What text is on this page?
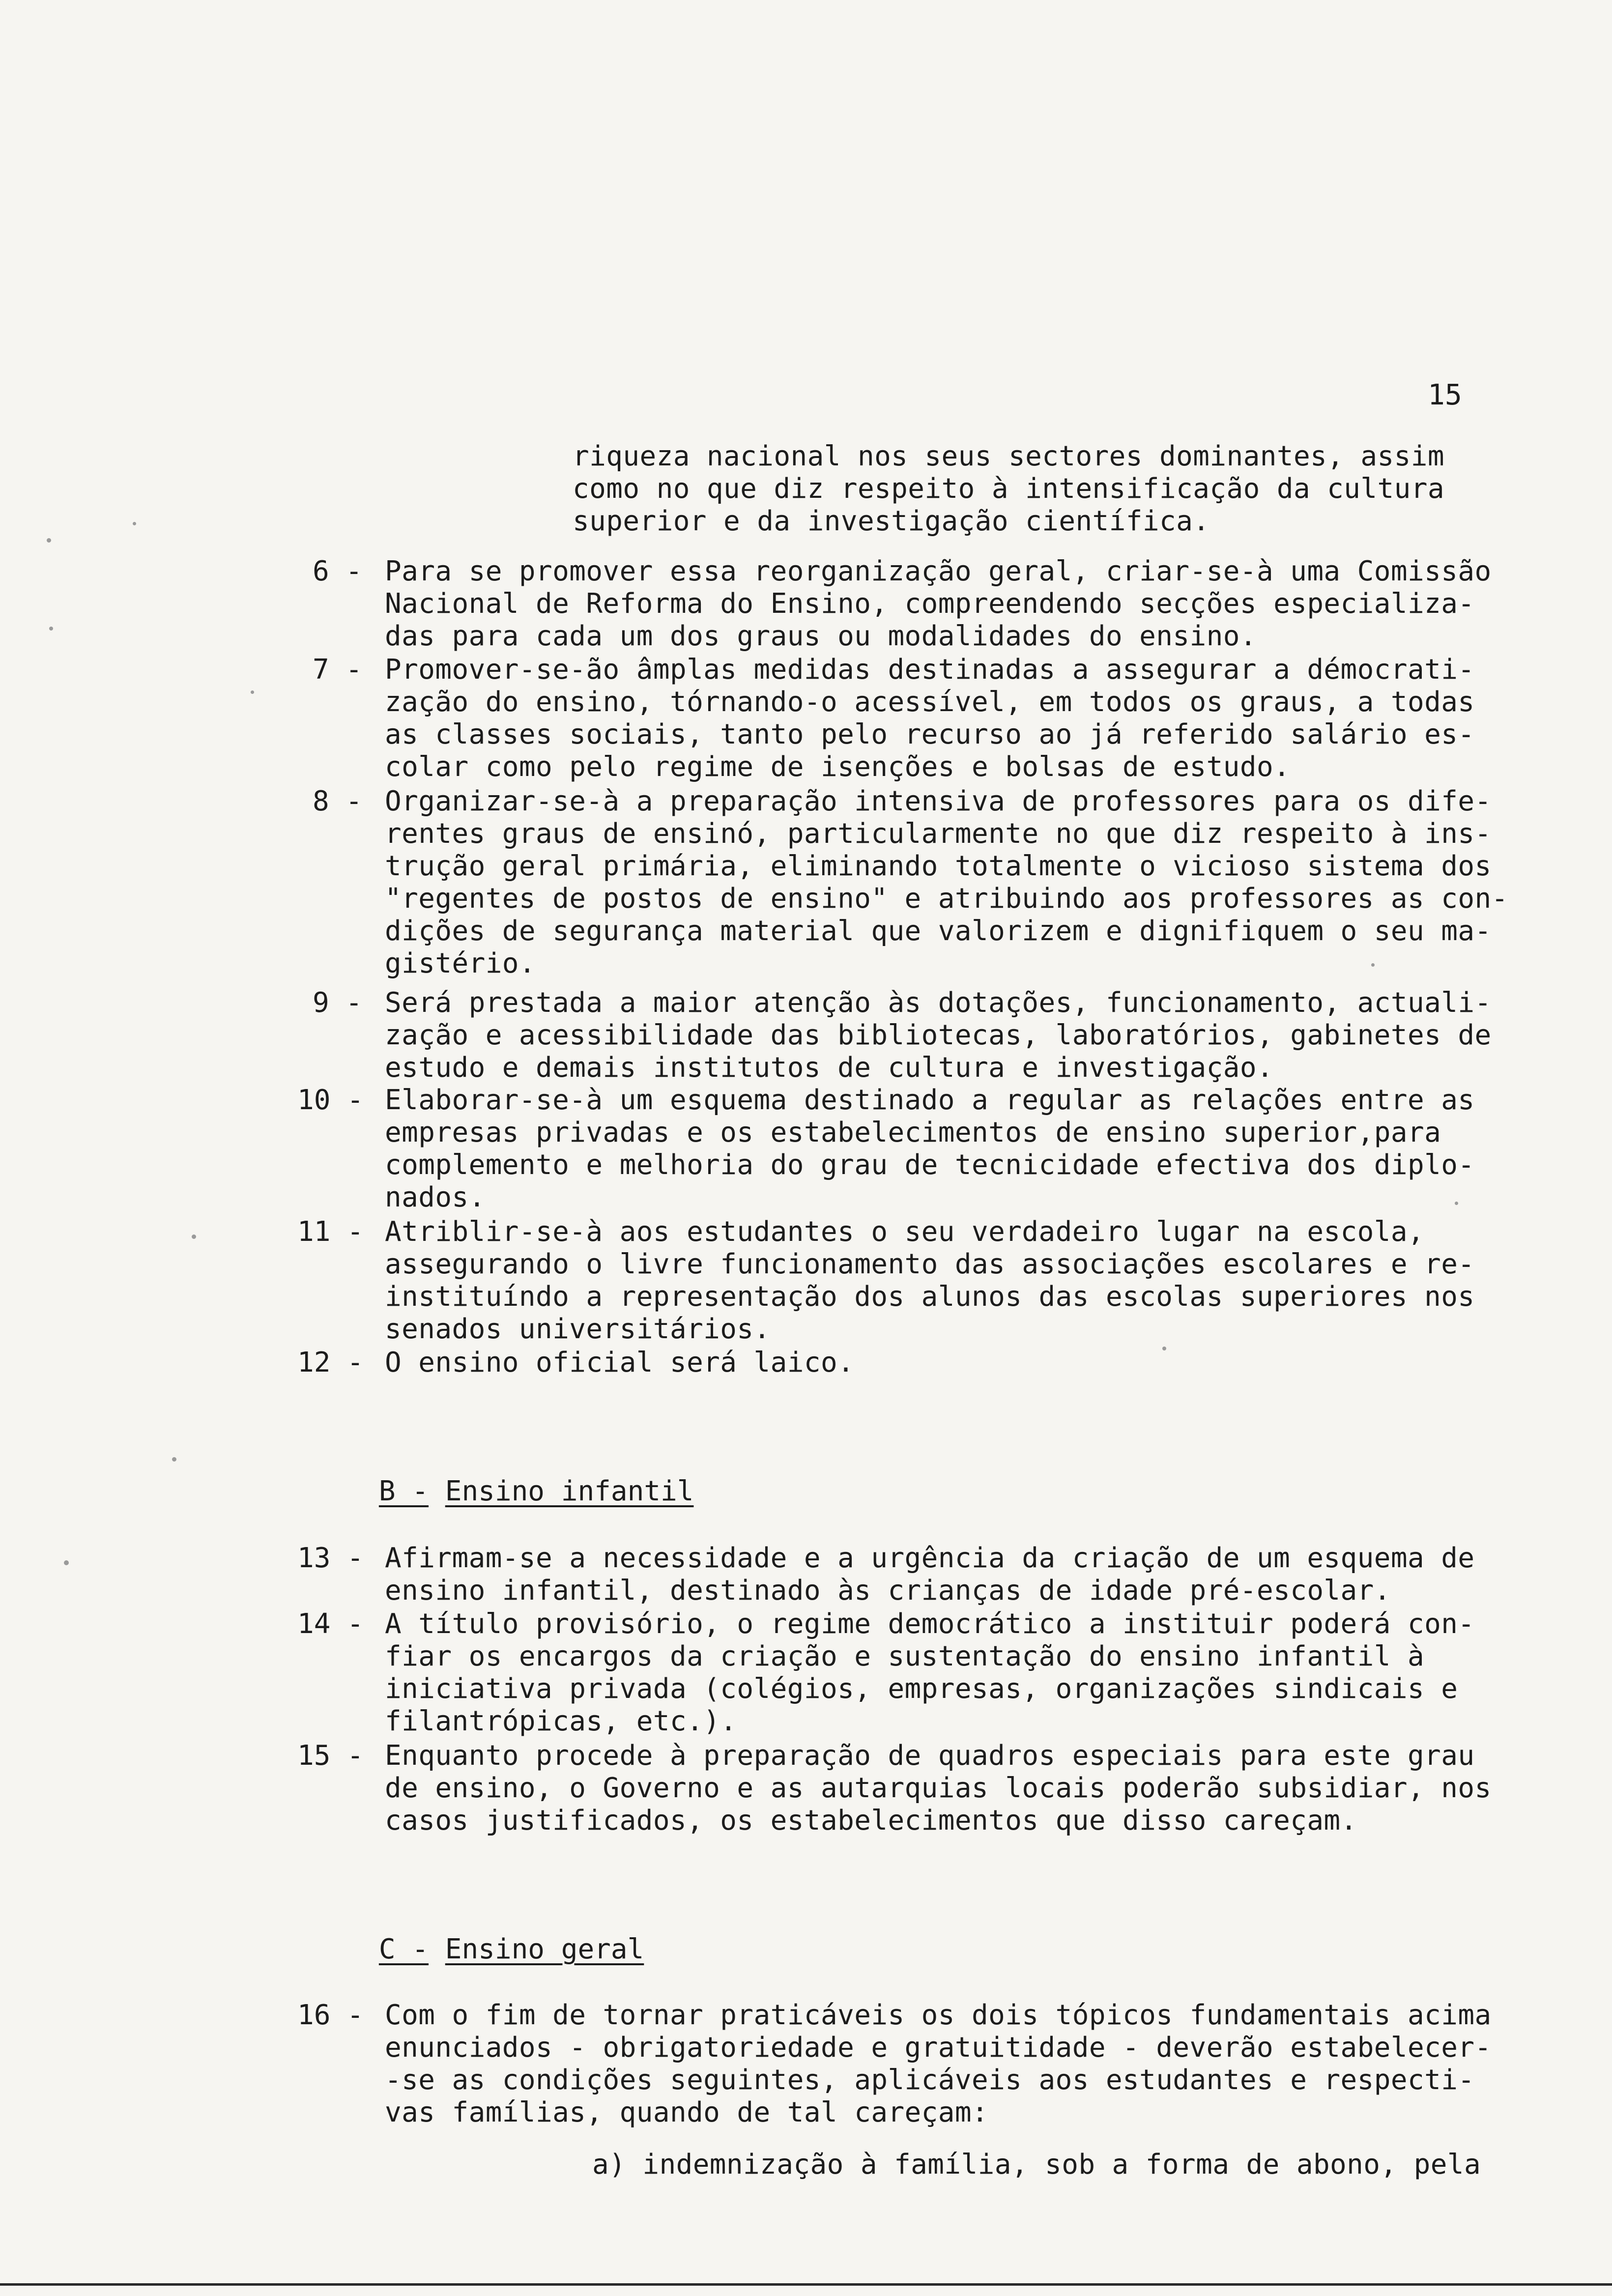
15
riqueza nacional nos seus sectores dominantes, assim
como no que diz respeito à intensificação da cultura
superior e da investigação científica.
6 - Para se promover essa reorganização geral, criar-se-à uma Comissão
Nacional de Reforma do Ensino, compreendendo secções especializa-
das para cada um dos graus ou modalidades do ensino.
7 - Promover-se-ão âmplas medidas destinadas a assegurar a démocrati-
zação do ensino, tórnando-o acessível, em todos os graus, a todas
as classes sociais, tanto pelo recurso ao já referido salário es-
colar como pelo regime de isenções e bolsas de estudo.
8 - Organizar-se-à a preparação intensiva de professores para os dife-
rentes graus de ensinó, particularmente no que diz respeito à ins-
trução geral primária, eliminando totalmente o vicioso sistema dos
"regentes de postos de ensino" e atribuindo aos professores as con-
dições de segurança material que valorizem e dignifiquem o seu ma-
gistério.
9 - Será prestada a maior atenção às dotações, funcionamento, actuali-
zação e acessibilidade das bibliotecas, laboratórios, gabinetes de
estudo e demais institutos de cultura e investigação.
10 - Elaborar-se-à um esquema destinado a regular as relações entre as
empresas privadas e os estabelecimentos de ensino superior,para
complemento e melhoria do grau de tecnicidade efectiva dos diplo-
nados.
11 - Atriblir-se-à aos estudantes o seu verdadeiro lugar na escola,
assegurando o livre funcionamento das associações escolares e re-
instituíndo a representação dos alunos das escolas superiores nos
senados universitários.
12 - O ensino oficial será laico.

B - Ensino infantil

13 - Afirmam-se a necessidade e a urgência da criação de um esquema de
ensino infantil, destinado às crianças de idade pré-escolar.
14 - A título provisório, o regime democrático a instituir poderá con-
fiar os encargos da criação e sustentação do ensino infantil à
iniciativa privada (colégios, empresas, organizações sindicais e
filantrópicas, etc.).
15 - Enquanto procede à preparação de quadros especiais para este grau
de ensino, o Governo e as autarquias locais poderão subsidiar, nos
casos justificados, os estabelecimentos que disso careçam.

C - Ensino geral

16 - Com o fim de tornar praticáveis os dois tópicos fundamentais acima
enunciados - obrigatoriedade e gratuitidade - deverão estabelecer-
-se as condições seguintes, aplicáveis aos estudantes e respecti-
vas famílias, quando de tal careçam:
a) indemnização à família, sob a forma de abono, pela
